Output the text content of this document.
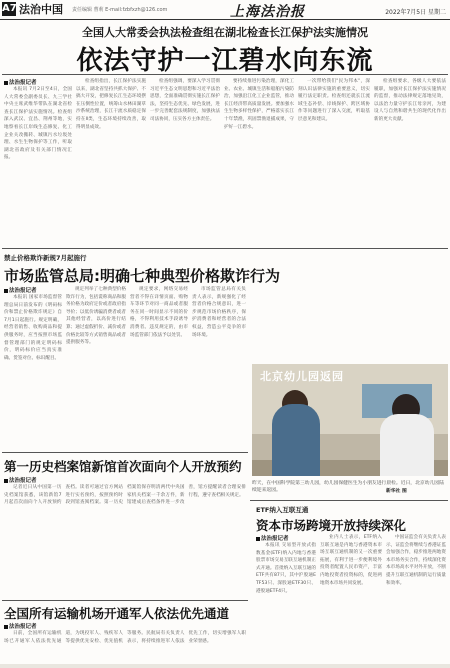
A7 法治中国 责任编辑 曹莉 E-mail:fzbfxzh@126.com	上海法治报	2022年7月5日 星期二
全国人大常委会执法检查组在湖北检查长江保护法实施情况
依法守护一江碧水向东流
法治报记者
本报讯 7月2日至4日，全国人大常委会副委员长、九三学社中央主席武维华带队在湖北省检查长江保护法实施情况。检查组深入武汉、宜昌、荆州等地，实地察看长江岸线生态修复、化工企业关改搬转、城镇污水垃圾处理、水生生物保护等工作，听取湖北省政府及有关部门情况汇报。
检查组指出，长江保护法实施以来，湖北省坚持共抓大保护、不搞大开发，把修复长江生态环境摆在压倒性位置，统筹山水林田湖草沙系统治理，长江干流水质稳定保持在Ⅱ类，生态环境持续改善，取得明显成效。
检查组强调，要深入学习贯彻习近平生态文明思想和习近平法治思想，全面准确贯彻实施长江保护法，坚持生态优先、绿色发展，进一步完善配套法规制度，加强执法司法协同，压实各方主体责任。
要持续推进污染治理，深化工业、农业、城镇生活和船舶污染防治，加强沿江化工企业监管，推动长江经济带高质量发展。要加强水生生物多样性保护，严格落实长江十年禁渔，巩固禁渔退捕成果，守护好一江碧水。
一次带给我们"民为邦本"，深刻认识法律实施的重要意义，切实履行法定职责。检查组还就长江流域生态补偿、岸线保护、跨区域协作等问题进行了深入交流，听取基层意见和建议。
检查组要求，各级人大要依法履职，加强对长江保护法实施情况的监督，推动法律规定落地见效，以法治力量守护长江母亲河，为建设人与自然和谐共生的现代化作出新的更大贡献。
禁止价格欺诈新规7月起施行
市场监管总局:明确七种典型价格欺诈行为
法治报记者
本报讯 国家市场监督管理总局日前发布的《明码标价和禁止价格欺诈规定》自7月1日起施行。规定明确，经营者销售、收购商品和提供服务时，应当按照市场监督管理部门的规定明码标价，明码标价应当真实准确、货签对位、标识醒目。
规定列举了七种典型价格欺诈行为，包括谎称商品和服务价格为政府定价或者政府指导价；以低价诱骗消费者或者其他经营者，以高价进行结算；通过虚假折价、减价或者价格比较等方式销售商品或者提供服务等。
规定要求，网络交易经营者不得在详情页面、购物车等环节对同一商品或者服务在同一时间显示不同的价格，不得利用技术手段诱导消费者。违反规定的，由市场监管部门依法予以处罚。
市场监管总局有关负责人表示，新规强化了经营者价格合规意识，进一步规范市场价格秩序，保护消费者和经营者的合法权益，营造公平竞争的市场环境。
北京幼儿园返园
昨天，在中国科学院第三幼儿园，幼儿园保健医生为小朋友进行晨检。近日，北京幼儿园陆续迎来返园。	新华社 图
ETF纳入互联互通
资本市场跨境开放持续深化
法治报记者
本报讯 交易型开放式指数基金(ETF)纳入内地与香港股票市场交易互联互通机制正式开通。首批纳入互联互通的ETF共有87只，其中沪股通ETF53只、深股通ETF30只、港股通ETF4只。
业内人士表示，ETF纳入互联互通是内地与香港资本市场互联互通机制的又一次重要拓展，有利于进一步便利境外投资者配置人民币资产，丰富内地投资者投资标的，促进两地资本市场共同发展。
中国证监会有关负责人表示，证监会将继续与香港证监会加强合作，稳步推进两地资本市场务实合作，持续深化资本市场高水平对外开放，不断提升互联互通机制的运行质量和效率。
第一历史档案馆新馆首次面向个人开放预约
法治报记者
记者近日从中国第一历史档案馆获悉，该馆新馆7月起首次面向个人开放预约查档。读者可通过官方网站进行实名预约，按照预约时段到馆查阅档案。第一历史档案馆保存明清两代中央国家机关档案一千余万件，新馆建成后查档条件进一步改善，馆方提醒读者合理安排行程，遵守查档相关规定。
全国所有运输机场开通军人依法优先通道
法治报记者
日前，全国所有运输机场已开通军人依法优先通道，为现役军人、残疾军人等提供优先安检、优先值机等服务。民航局有关负责人表示，将持续推进军人依法优先工作，切实增强军人职业荣誉感。
